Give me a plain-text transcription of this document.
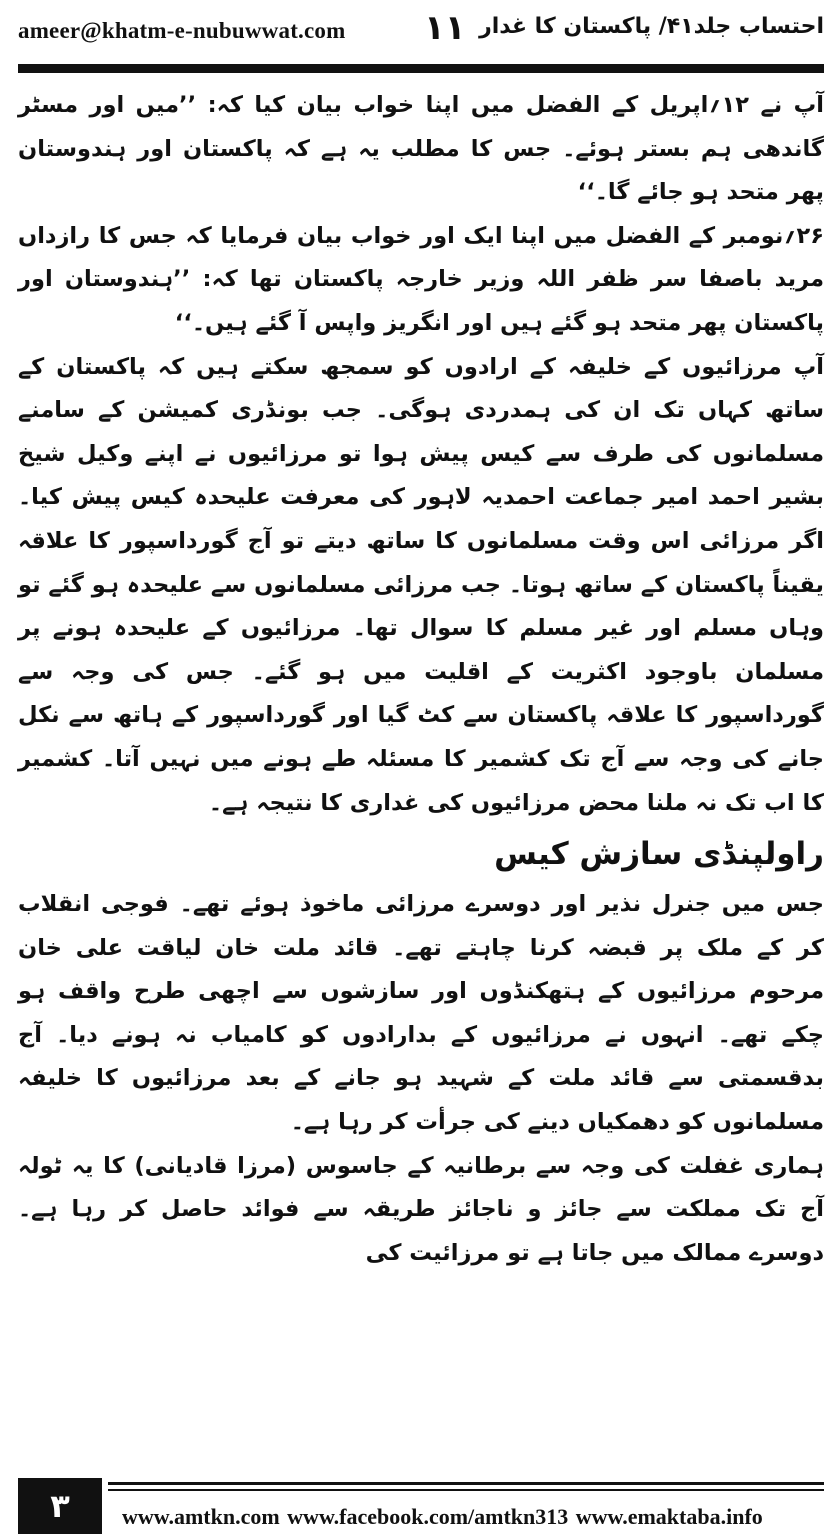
ameer@khatm-e-nubuwwat.com ۱۱ احتساب جلد۴۱/ پاکستان کا غدار

آپ نے ۱۲؍اپریل کے الفضل میں اپنا خواب بیان کیا کہ: ’’میں اور مسٹر گاندھی ہم بستر ہوئے۔ جس کا مطلب یہ ہے کہ پاکستان اور ہندوستان پھر متحد ہو جائے گا۔‘‘

۲۶؍نومبر کے الفضل میں اپنا ایک اور خواب بیان فرمایا کہ جس کا رازداں مرید باصفا سر ظفر اللہ وزیر خارجہ پاکستان تھا کہ: ’’ہندوستان اور پاکستان پھر متحد ہو گئے ہیں اور انگریز واپس آ گئے ہیں۔‘‘

آپ مرزائیوں کے خلیفہ کے ارادوں کو سمجھ سکتے ہیں کہ پاکستان کے ساتھ کہاں تک ان کی ہمدردی ہوگی۔ جب بونڈری کمیشن کے سامنے مسلمانوں کی طرف سے کیس پیش ہوا تو مرزائیوں نے اپنے وکیل شیخ بشیر احمد امیر جماعت احمدیہ لاہور کی معرفت علیحدہ کیس پیش کیا۔ اگر مرزائی اس وقت مسلمانوں کا ساتھ دیتے تو آج گورداسپور کا علاقہ یقیناً پاکستان کے ساتھ ہوتا۔ جب مرزائی مسلمانوں سے علیحدہ ہو گئے تو وہاں مسلم اور غیر مسلم کا سوال تھا۔ مرزائیوں کے علیحدہ ہونے پر مسلمان باوجود اکثریت کے اقلیت میں ہو گئے۔ جس کی وجہ سے گورداسپور کا علاقہ پاکستان سے کٹ گیا اور گورداسپور کے ہاتھ سے نکل جانے کی وجہ سے آج تک کشمیر کا مسئلہ طے ہونے میں نہیں آتا۔ کشمیر کا اب تک نہ ملنا محض مرزائیوں کی غداری کا نتیجہ ہے۔

راولپنڈی سازش کیس

جس میں جنرل نذیر اور دوسرے مرزائی ماخوذ ہوئے تھے۔ فوجی انقلاب کر کے ملک پر قبضہ کرنا چاہتے تھے۔ قائد ملت خان لیاقت علی خان مرحوم مرزائیوں کے ہتھکنڈوں اور سازشوں سے اچھی طرح واقف ہو چکے تھے۔ انہوں نے مرزائیوں کے بدارادوں کو کامیاب نہ ہونے دیا۔ آج بدقسمتی سے قائد ملت کے شہید ہو جانے کے بعد مرزائیوں کا خلیفہ مسلمانوں کو دھمکیاں دینے کی جرأت کر رہا ہے۔

ہماری غفلت کی وجہ سے برطانیہ کے جاسوس (مرزا قادیانی) کا یہ ٹولہ آج تک مملکت سے جائز و ناجائز طریقہ سے فوائد حاصل کر رہا ہے۔ دوسرے ممالک میں جاتا ہے تو مرزائیت کی

۳	www.amtkn.com www.facebook.com/amtkn313 www.emaktaba.info
